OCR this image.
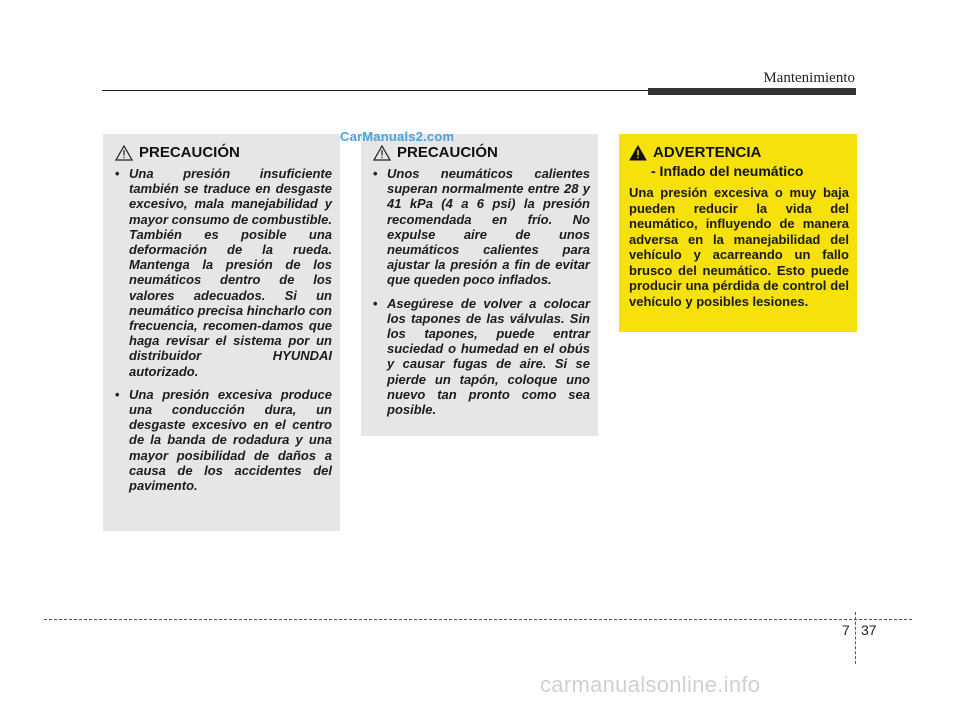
Mantenimiento
PRECAUCIÓN
• Una presión insuficiente también se traduce en desgaste excesivo, mala manejabilidad y mayor consumo de combustible. También es posible una deformación de la rueda. Mantenga la presión de los neumáticos dentro de los valores adecuados. Si un neumático precisa hincharlo con frecuencia, recomen-damos que haga revisar el sistema por un distribuidor HYUNDAI autorizado.
• Una presión excesiva produce una conducción dura, un desgaste excesivo en el centro de la banda de rodadura y una mayor posibilidad de daños a causa de los accidentes del pavimento.
PRECAUCIÓN
• Unos neumáticos calientes superan normalmente entre 28 y 41 kPa (4 a 6 psi) la presión recomendada en frío. No expulse aire de unos neumáticos calientes para ajustar la presión a fin de evitar que queden poco inflados.
• Asegúrese de volver a colocar los tapones de las válvulas. Sin los tapones, puede entrar suciedad o humedad en el obús y causar fugas de aire. Si se pierde un tapón, coloque uno nuevo tan pronto como sea posible.
CarManuals2.com
ADVERTENCIA
- Inflado del neumático
Una presión excesiva o muy baja pueden reducir la vida del neumático, influyendo de manera adversa en la manejabilidad del vehículo y acarreando un fallo brusco del neumático. Esto puede producir una pérdida de control del vehículo y posibles lesiones.
7 37
carmanualsonline.info
